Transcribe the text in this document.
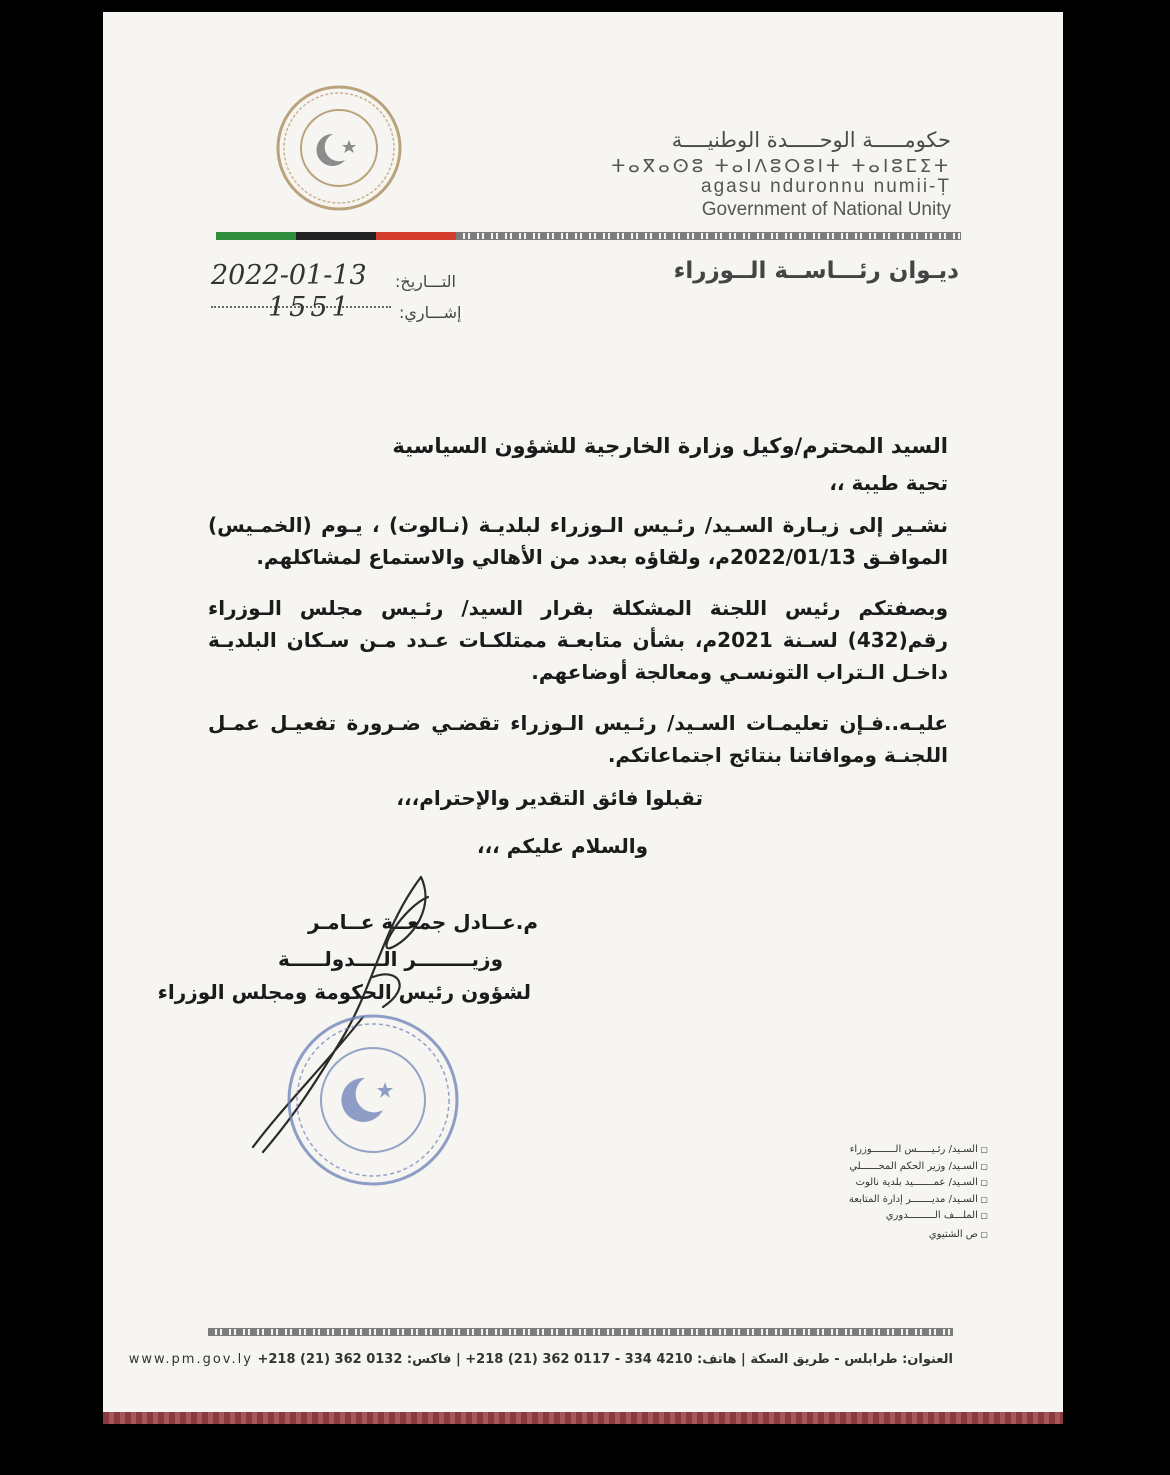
حكومـــــة الوحـــــدة الوطنيــــة
ⵜⴰⴳⴰⵙⵓ ⵜⴰⵏⴷⵓⵔⵓⵏⵜ ⵜⴰⵏⵓⵎⵉⵜ
agasu nduronnu numii-Ṭ
Government of National Unity
ديـوان رئـــاســة الــوزراء
التـــاريخ:
2022-01-13
إشـــاري:
1551
السيد المحترم/وكيل وزارة الخارجية للشؤون السياسية
تحية طيبة ،،
نشـير إلى زيـارة السـيد/ رئـيس الـوزراء لبلديـة (نـالوت) ، يـوم (الخمـيس) الموافـق 2022/01/13م، ولقاؤه بعدد من الأهالي والاستماع لمشاكلهم.
وبصفتكم رئيس اللجنة المشكلة بقرار السيد/ رئـيس مجلس الـوزراء رقم(432) لسـنة 2021م، بشأن متابعـة ممتلكـات عـدد مـن سـكان البلديـة داخـل الـتراب التونسـي ومعالجة أوضاعهم.
عليـه..فـإن تعليمـات السـيد/ رئـيس الـوزراء تقضـي ضـرورة تفعيـل عمـل اللجنـة وموافاتنا بنتائج اجتماعاتكم.
تقبلوا فائق التقدير والإحترام،،،
والسلام عليكم ،،،
م.عــادل جمعــة عــامـر
وزيــــــــر الــــدولـــــة
لشؤون رئيس الحكومة ومجلس الوزراء
▢ السـيد/ رئـيـــــس الــــــــوزراء
▢ السـيد/ وزير الحكم المحــــــلي
▢ السـيد/ عمـــــــيد بلدية نالوت
▢ السـيد/ مديـــــــر إدارة المتابعة
▢ الملـــف الـــــــــدوري
▢ ص الشتيوي
العنوان: طرابلس - طريق السكة | هاتف: 4210 334 - 0117 362 (21) 218+ | فاكس: 0132 362 (21) 218+ www.pm.gov.ly
